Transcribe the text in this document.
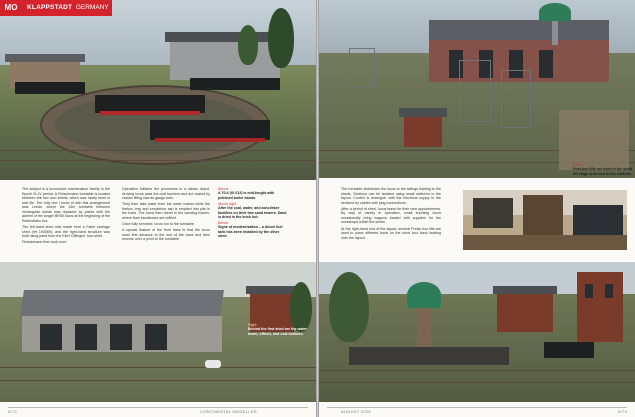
MO	KLAPPSTADT GERMANY

The subject is a locomotive maintenance facility in the Epoch III–IV period. A Fleischmann turntable is located between the two loco sheds, which was newly seen in real life. The only one I know of with this arrangement was Leeds, where the 15m turntable between rectangular sheds was replaced by points with the advent of the longer BR50 locos at the beginning of the Reichsbahn era.

The left-hand shed was made from a Faller carriage shed (ref 190069), and the right-hand structure was built using parts from the Kibri ‘Dillingen’ loco shed.

Fleischmann then took over.

Operation imitates the processes in a steam depot. Arriving locos pass the coal bunkers and are coaled by cranes lifting narrow gauge tubs.

They then take water from the water cranes while the firebox, tray and smokebox ash is emptied into pits in the track. The locos then travel to the sanding towers, where their sandboxes are refilled.

Once fully serviced, locos run to the turntable.

A special feature of the front track is that the locos must first advance to the end of the track and then reverse over a point to the turntable.

Above:
A 70-6 (IX 612) is mid-fought with polished boiler bands.
Above right:
After the coal, water, and ashclinker facilities on their two sand towers. Sand is dried in the brick hut.
Below:
Signs of modernisation – a diesel fuel tank has been installed by the other shed.
Right:
Behind the first shed are the water tower, offices, and coal bunkers.
0/72	CONTINENTAL MODELLER
Below:
Post-box lifts are used in the small off-stage area next to the controls.

The turntable distributes the locos to the sidings leading to the sheds. Sections can be isolated using small switches in the layout. Control is analogue, with the electrical supply to the sections by cables with plug connections.

After a period of shed, locos leave for their next appointments. By way of variety in operation, small shunting locos occasionally bring wagons loaded with supplies for the workshops within the sheds.

At the right-hand end of the layout, several Preiss box lifts are used to place different locos on the short loco track leading onto the layout.

AUGUST 2025	0/73
